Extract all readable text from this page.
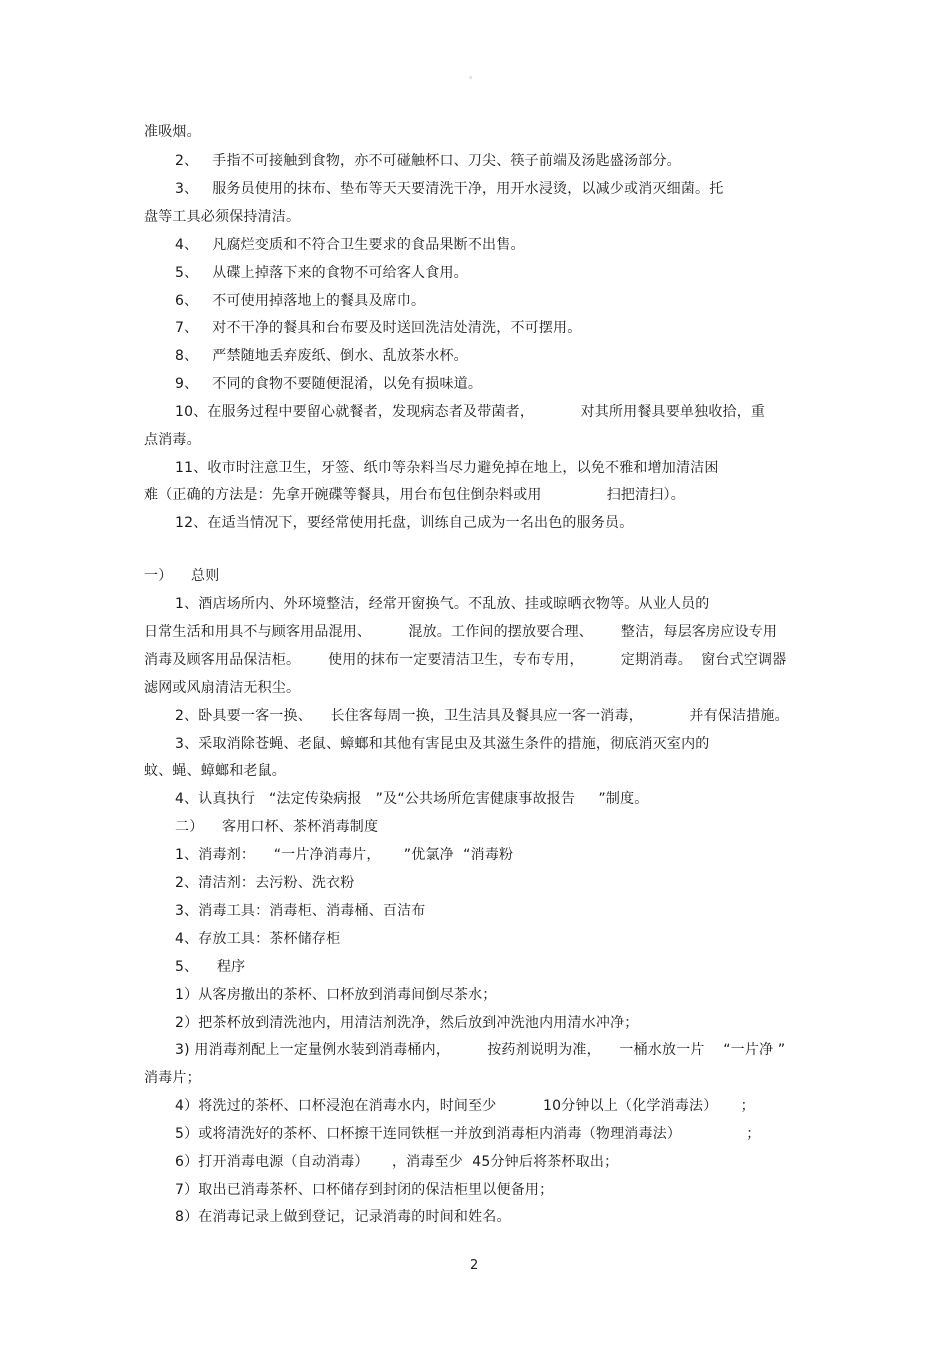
。
准吸烟。
2、   手指不可接触到食物，亦不可碰触杯口、刀尖、筷子前端及汤匙盛汤部分。
3、   服务员使用的抹布、垫布等天天要清洗干净，用开水浸烫，以减少或消灭细菌。托
盘等工具必须保持清洁。
4、   凡腐烂变质和不符合卫生要求的食品果断不出售。
5、   从碟上掉落下来的食物不可给客人食用。
6、   不可使用掉落地上的餐具及席巾。
7、   对不干净的餐具和台布要及时送回洗洁处清洗，不可摆用。
8、   严禁随地丢弃废纸、倒水、乱放茶水杯。
9、   不同的食物不要随便混淆，以免有损味道。
10、在服务过程中要留心就餐者，发现病态者及带菌者，          对其所用餐具要单独收拾，重
点消毒。
11、收市时注意卫生，牙签、纸巾等杂料当尽力避免掉在地上，以免不雅和增加清洁困
难（正确的方法是：先拿开碗碟等餐具，用台布包住倒杂料或用              扫把清扫）。
12、在适当情况下，要经常使用托盘，训练自己成为一名出色的服务员。
一）    总则
1、酒店场所内、外环境整洁，经常开窗换气。不乱放、挂或晾晒衣物等。从业人员的
日常生活和用具不与顾客用品混用、        混放。工作间的摆放要合理、      整洁，每层客房应设专用
消毒及顾客用品保洁柜。      使用的抹布一定要清洁卫生，专布专用，        定期消毒。  窗台式空调器
滤网或风扇清洁无积尘。
2、卧具要一客一换、    长住客每周一换，卫生洁具及餐具应一客一消毒，          并有保洁措施。
3、采取消除苍蝇、老鼠、蟑螂和其他有害昆虫及其滋生条件的措施，彻底消灭室内的
蚊、蝇、蟑螂和老鼠。
4、认真执行   “法定传染病报   ”及“公共场所危害健康事故报告     ”制度。
二）    客用口杯、茶杯消毒制度
1、消毒剂：    “一片净消毒片，     ”优氯净  “消毒粉
2、清洁剂：去污粉、洗衣粉
3、消毒工具：消毒柜、消毒桶、百洁布
4、存放工具：茶杯储存柜
5、    程序
1）从客房撤出的茶杯、口杯放到消毒间倒尽茶水；
2）把茶杯放到清洗池内，用清洁剂洗净，然后放到冲洗池内用清水冲净；
3) 用消毒剂配上一定量例水装到消毒桶内，        按药剂说明为准，    一桶水放一片    “一片净 ”
消毒片；
4）将洗过的茶杯、口杯浸泡在消毒水内，时间至少          10分钟以上（化学消毒法）     ；
5）或将清洗好的茶杯、口杯擦干连同铁框一并放到消毒柜内消毒（物理消毒法）              ；
6）打开消毒电源（自动消毒）     ，消毒至少  45分钟后将茶杯取出；
7）取出已消毒茶杯、口杯储存到封闭的保洁柜里以便备用；
8）在消毒记录上做到登记，记录消毒的时间和姓名。
2
